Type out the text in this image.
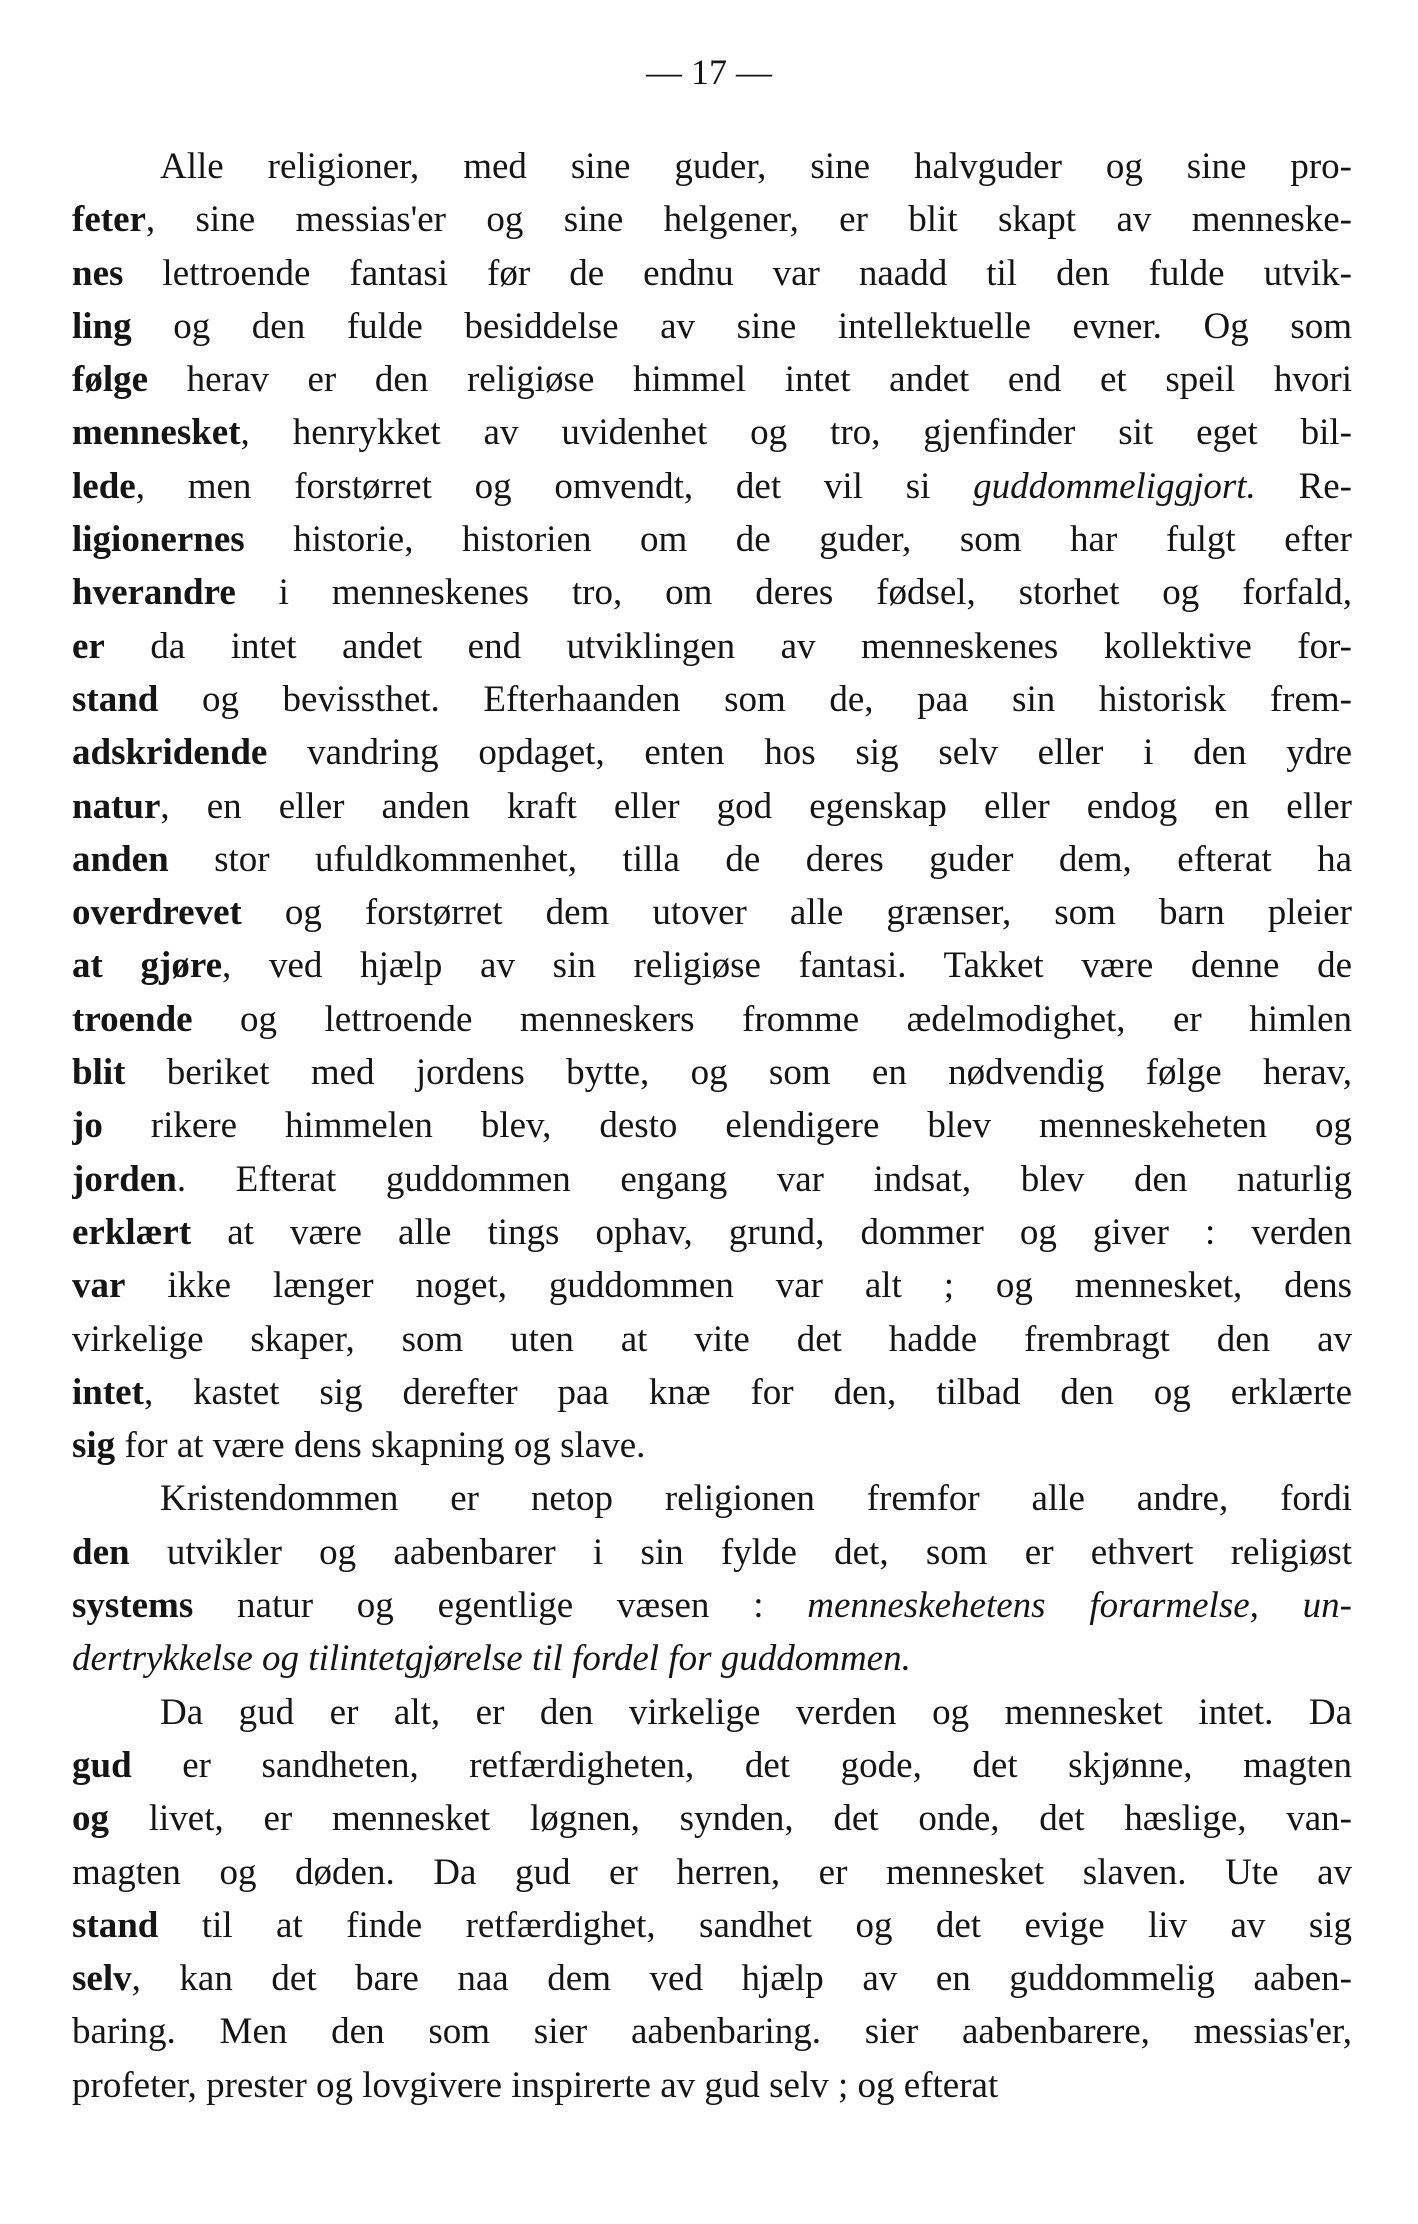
— 17 —
Alle religioner, med sine guder, sine halvguder og sine pro-
feter, sine messias'er og sine helgener, er blit skapt av menneske-
nes lettroende fantasi før de endnu var naadd til den fulde utvik-
ling og den fulde besiddelse av sine intellektuelle evner. Og som
følge herav er den religiøse himmel intet andet end et speil hvori
mennesket, henrykket av uvidenhet og tro, gjenfinder sit eget bil-
lede, men forstørret og omvendt, det vil si guddommeliggjort. Re-
ligionernes historie, historien om de guder, som har fulgt efter
hverandre i menneskenes tro, om deres fødsel, storhet og forfald,
er da intet andet end utviklingen av menneskenes kollektive for-
stand og bevissthet. Efterhaanden som de, paa sin historisk frem-
adskridende vandring opdaget, enten hos sig selv eller i den ydre
natur, en eller anden kraft eller god egenskap eller endog en eller
anden stor ufuldkommenhet, tilla de deres guder dem, efterat ha
overdrevet og forstørret dem utover alle grænser, som barn pleier
at gjøre, ved hjælp av sin religiøse fantasi. Takket være denne de
troende og lettroende menneskers fromme ædelmodighet, er himlen
blit beriket med jordens bytte, og som en nødvendig følge herav,
jo rikere himmelen blev, desto elendigere blev menneskeheten og
jorden. Efterat guddommen engang var indsat, blev den naturlig
erklært at være alle tings ophav, grund, dommer og giver : verden
var ikke længer noget, guddommen var alt ; og mennesket, dens
virkelige skaper, som uten at vite det hadde frembragt den av
intet, kastet sig derefter paa knæ for den, tilbad den og erklærte
sig for at være dens skapning og slave.
Kristendommen er netop religionen fremfor alle andre, fordi
den utvikler og aabenbarer i sin fylde det, som er ethvert religiøst
systems natur og egentlige væsen : menneskehetens forarmelse, un-
dertrykkelse og tilintetgjørelse til fordel for guddommen.
Da gud er alt, er den virkelige verden og mennesket intet. Da
gud er sandheten, retfærdigheten, det gode, det skjønne, magten
og livet, er mennesket løgnen, synden, det onde, det hæslige, van-
magten og døden. Da gud er herren, er mennesket slaven. Ute av
stand til at finde retfærdighet, sandhet og det evige liv av sig
selv, kan det bare naa dem ved hjælp av en guddommelig aaben-
baring. Men den som sier aabenbaring. sier aabenbarere, messias'er,
profeter, prester og lovgivere inspirerte av gud selv ; og efterat
